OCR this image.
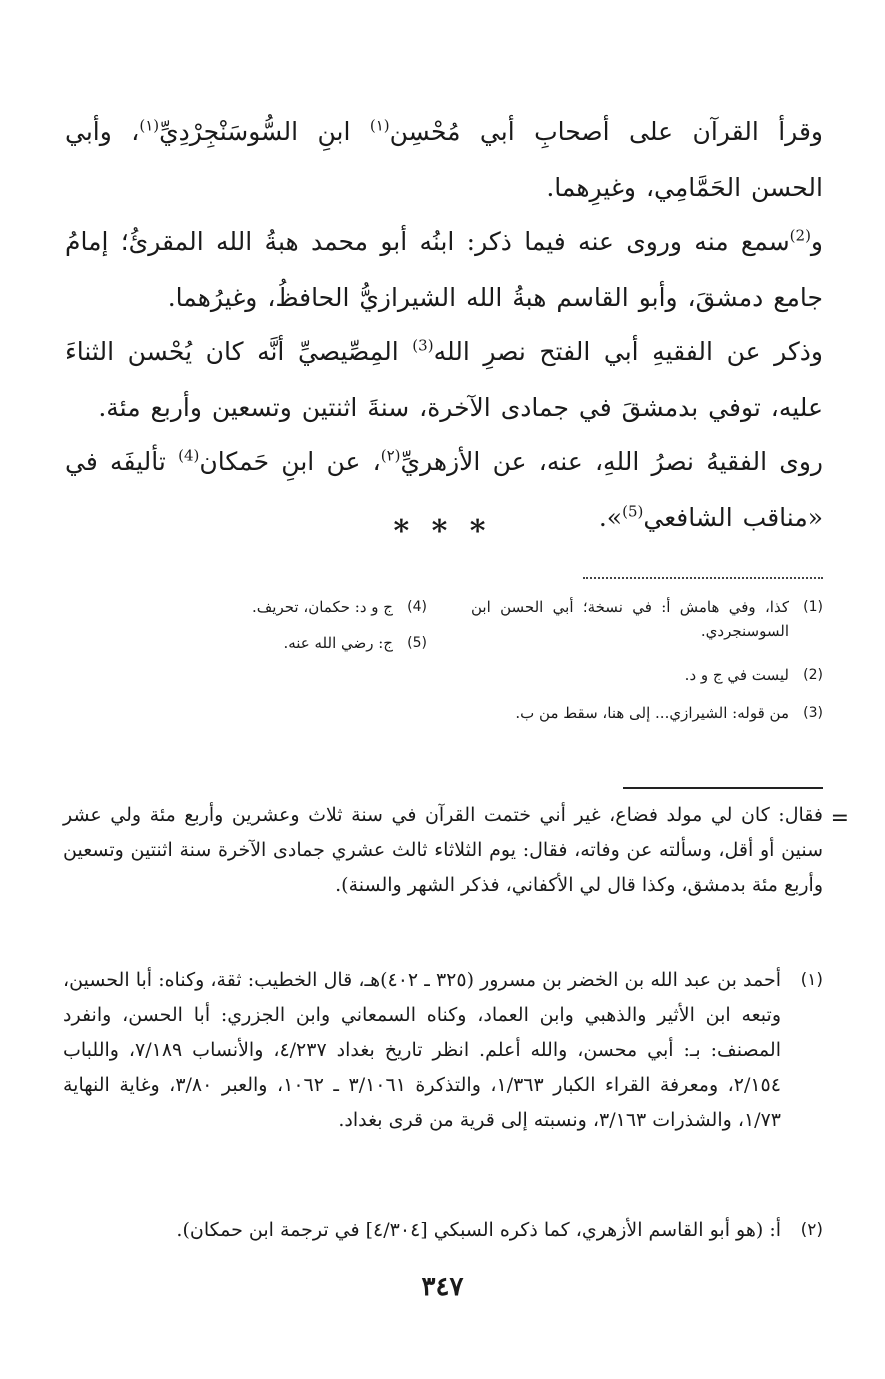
وقرأ القرآن على أصحابِ أبي مُحْسِن$^{(١)}$ ابنِ السُّوسَنْجِرْدِيِّ$^{(١)}$، وأبي الحسن الحَمَّامِي، وغيرِهما.

و$^{(2)}$سمع منه وروى عنه فيما ذكر: ابنُه أبو محمد هبةُ الله المقرئُ؛ إمامُ جامع دمشقَ، وأبو القاسم هبةُ الله الشيرازيُّ الحافظُ، وغيرُهما.

وذكر عن الفقيهِ أبي الفتح نصرِ الله$^{(3)}$ المِصِّيصيِّ أنَّه كان يُحْسن الثناءَ عليه، توفي بدمشقَ في جمادى الآخرة، سنةَ اثنتين وتسعين وأربع مئة.

روى الفقيهُ نصرُ اللهِ، عنه، عن الأزهريِّ$^{(٢)}$، عن ابنِ حَمكان$^{(4)}$ تأليفَه في «مناقب الشافعي$^{(5)}$».

* * *
(1)
كذا، وفي هامش أ: في نسخة؛ أبي الحسن ابن السوسنجردي.
(2)
ليست في ج و د.
(3)
من قوله: الشيرازي... إلى هنا، سقط من ب.
(4)
ج و د: حكمان، تحريف.
(5)
ج: رضي الله عنه.
=

فقال: كان لي مولد فضاع، غير أني ختمت القرآن في سنة ثلاث وعشرين وأربع مئة ولي عشر سنين أو أقل، وسألته عن وفاته، فقال: يوم الثلاثاء ثالث عشري جمادى الآخرة سنة اثنتين وتسعين وأربع مئة بدمشق، وكذا قال لي الأكفاني، فذكر الشهر والسنة).

(١)
أحمد بن عبد الله بن الخضر بن مسرور (٣٢٥ ـ ٤٠٢)هـ، قال الخطيب: ثقة، وكناه: أبا الحسين، وتبعه ابن الأثير والذهبي وابن العماد، وكناه السمعاني وابن الجزري: أبا الحسن، وانفرد المصنف: بـ: أبي محسن، والله أعلم. انظر تاريخ بغداد ٤/٢٣٧، والأنساب ٧/١٨٩، واللباب ٢/١٥٤، ومعرفة القراء الكبار ١/٣٦٣، والتذكرة ٣/١٠٦١ ـ ١٠٦٢، والعبر ٣/٨٠، وغاية النهاية ١/٧٣، والشذرات ٣/١٦٣، ونسبته إلى قرية من قرى بغداد.
(٢)
أ: (هو أبو القاسم الأزهري، كما ذكره السبكي [٤/٣٠٤] في ترجمة ابن حمكان).
٣٤٧
